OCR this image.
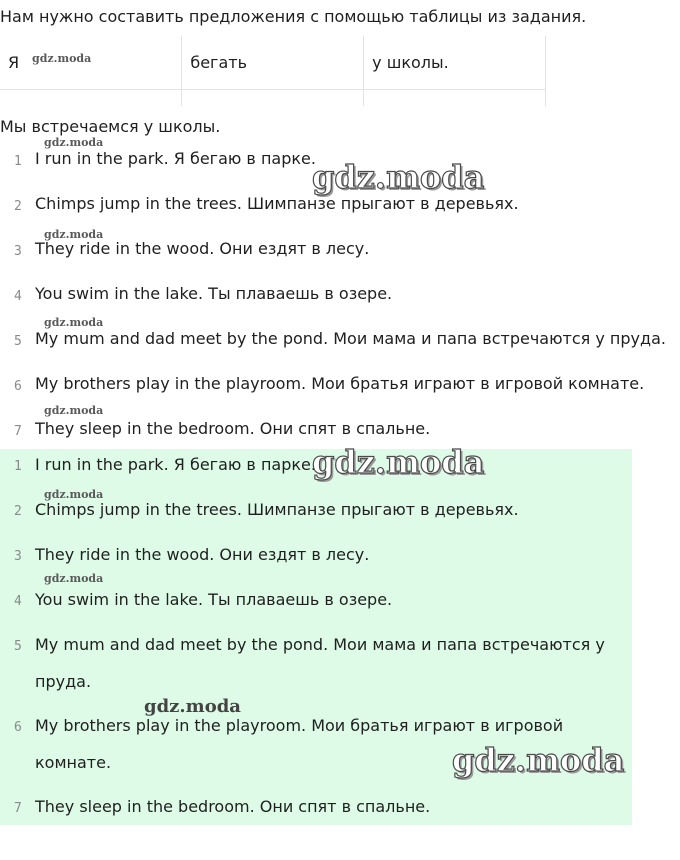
Нам нужно составить предложения с помощью таблицы из задания.
Я	бегать	у школы.

Мы встречаемся у школы.
1 I run in the park. Я бегаю в парке.
2 Chimps jump in the trees. Шимпанзе прыгают в деревьях.
3 They ride in the wood. Они ездят в лесу.
4 You swim in the lake. Ты плаваешь в озере.
5 My mum and dad meet by the pond. Мои мама и папа встречаются у пруда.
6 My brothers play in the playroom. Мои братья играют в игровой комнате.
7 They sleep in the bedroom. Они спят в спальне.
1 I run in the park. Я бегаю в парке.
2 Chimps jump in the trees. Шимпанзе прыгают в деревьях.
3 They ride in the wood. Они ездят в лесу.
4 You swim in the lake. Ты плаваешь в озере.
5 My mum and dad meet by the pond. Мои мама и папа встречаются у пруда.
6 My brothers play in the playroom. Мои братья играют в игровой комнате.
7 They sleep in the bedroom. Они спят в спальне.
gdz.moda
gdz.moda
gdz.moda
gdz.moda
gdz.moda
gdz.moda
gdz.moda
gdz.moda
gdz.moda
gdz.moda
gdz.moda
